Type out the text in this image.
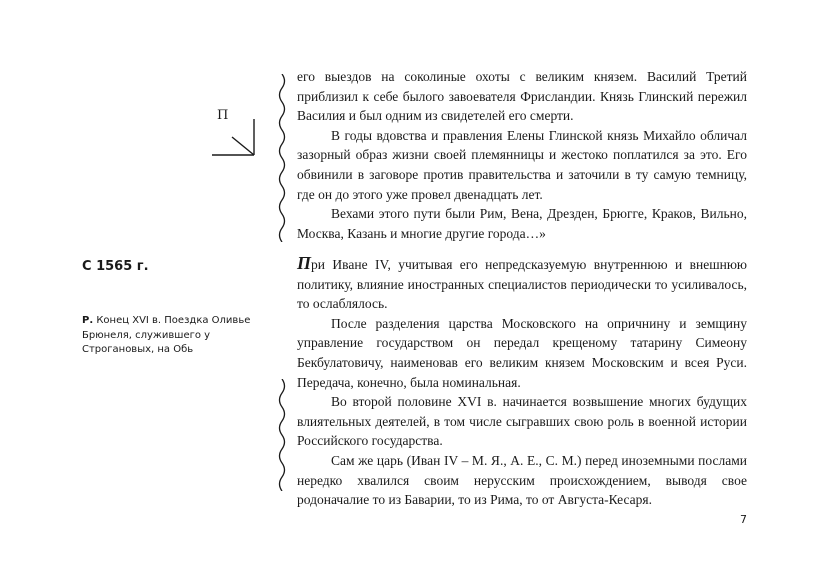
П
С 1565 г.
Р. Конец XVI в. Поездка Оливье Брюнеля, служившего у Строгановых, на Обь

его выездов на соколиные охоты с великим князем. Василий Третий приблизил к себе былого завоевателя Фрисландии. Князь Глинский пережил Василия и был одним из свидетелей его смерти.

В годы вдовства и правления Елены Глинской князь Михайло обличал зазорный образ жизни своей племянницы и жестоко поплатился за это. Его обвинили в заговоре против правительства и заточили в ту самую темницу, где он до этого уже провел двенадцать лет.

Вехами этого пути были Рим, Вена, Дрезден, Брюгге, Краков, Вильно, Москва, Казань и многие другие города…»

При Иване IV, учитывая его непредсказуемую внутреннюю и внешнюю политику, влияние иностранных специалистов периодически то усиливалось, то ослаблялось.

После разделения царства Московского на опричнину и земщину управление государством он передал крещеному татарину Симеону Бекбулатовичу, наименовав его великим князем Московским и всея Руси. Передача, конечно, была номинальная.

Во второй половине XVI в. начинается возвышение многих будущих влиятельных деятелей, в том числе сыгравших свою роль в военной истории Российского государства.

Сам же царь (Иван IV – М. Я., А. Е., С. М.) перед иноземными послами нередко хвалился своим нерусским происхождением, выводя свое родоначалие то из Баварии, то из Рима, то от Августа-Кесаря.

7
